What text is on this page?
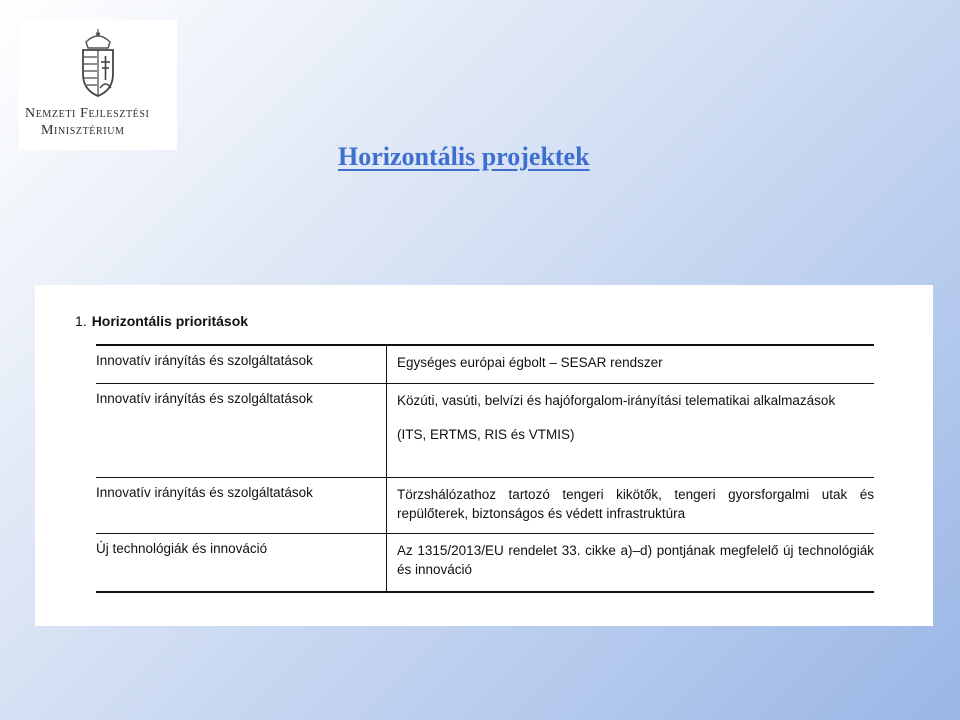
Nemzeti Fejlesztési
Minisztérium
Horizontális projektek
1. Horizontális prioritások
Innovatív irányítás és szolgáltatások	Egységes európai égbolt – SESAR rendszer

Innovatív irányítás és szolgáltatások	Közúti, vasúti, belvízi és hajóforgalom-irányítási telematikai alkalmazások

(ITS, ERTMS, RIS és VTMIS)

Innovatív irányítás és szolgáltatások	Törzshálózathoz tartozó tengeri kikötők, tengeri gyorsforgalmi utak és repülőterek, biztonságos és védett infrastruktúra

Új technológiák és innováció	Az 1315/2013/EU rendelet 33. cikke a)–d) pontjának megfelelő új technológiák és innováció
